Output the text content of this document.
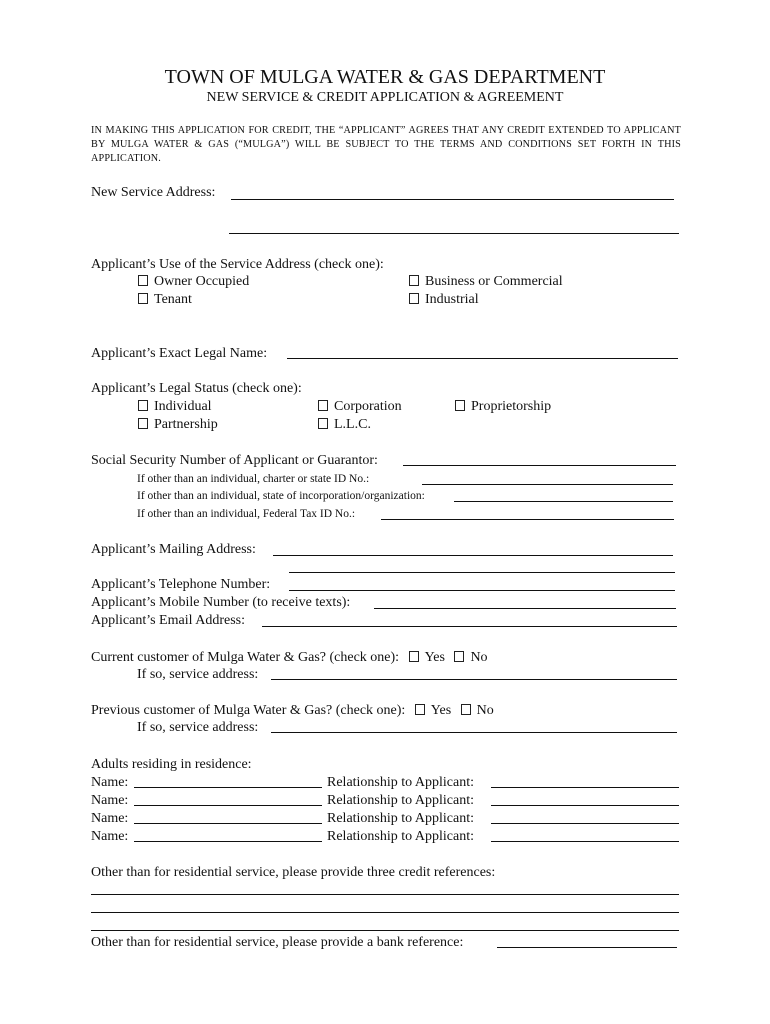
TOWN OF MULGA WATER & GAS DEPARTMENT
NEW SERVICE & CREDIT APPLICATION & AGREEMENT
IN MAKING THIS APPLICATION FOR CREDIT, THE “APPLICANT” AGREES THAT ANY CREDIT EXTENDED TO APPLICANT BY MULGA WATER & GAS (“MULGA”) WILL BE SUBJECT TO THE TERMS AND CONDITIONS SET FORTH IN THIS APPLICATION.
New Service Address:
Applicant’s Use of the Service Address (check one):
Owner Occupied	Business or Commercial
Tenant	Industrial
Applicant’s Exact Legal Name:
Applicant’s Legal Status (check one):
Individual	Corporation	Proprietorship
Partnership	L.L.C.
Social Security Number of Applicant or Guarantor:
If other than an individual, charter or state ID No.:
If other than an individual, state of incorporation/organization:
If other than an individual, Federal Tax ID No.:
Applicant’s Mailing Address:
Applicant’s Telephone Number:
Applicant’s Mobile Number (to receive texts):
Applicant’s Email Address:
Current customer of Mulga Water & Gas? (check one): Yes No
If so, service address:
Previous customer of Mulga Water & Gas? (check one): Yes No
If so, service address:
Adults residing in residence:
Name:	Relationship to Applicant:
Name:	Relationship to Applicant:
Name:	Relationship to Applicant:
Name:	Relationship to Applicant:
Other than for residential service, please provide three credit references:
Other than for residential service, please provide a bank reference:
